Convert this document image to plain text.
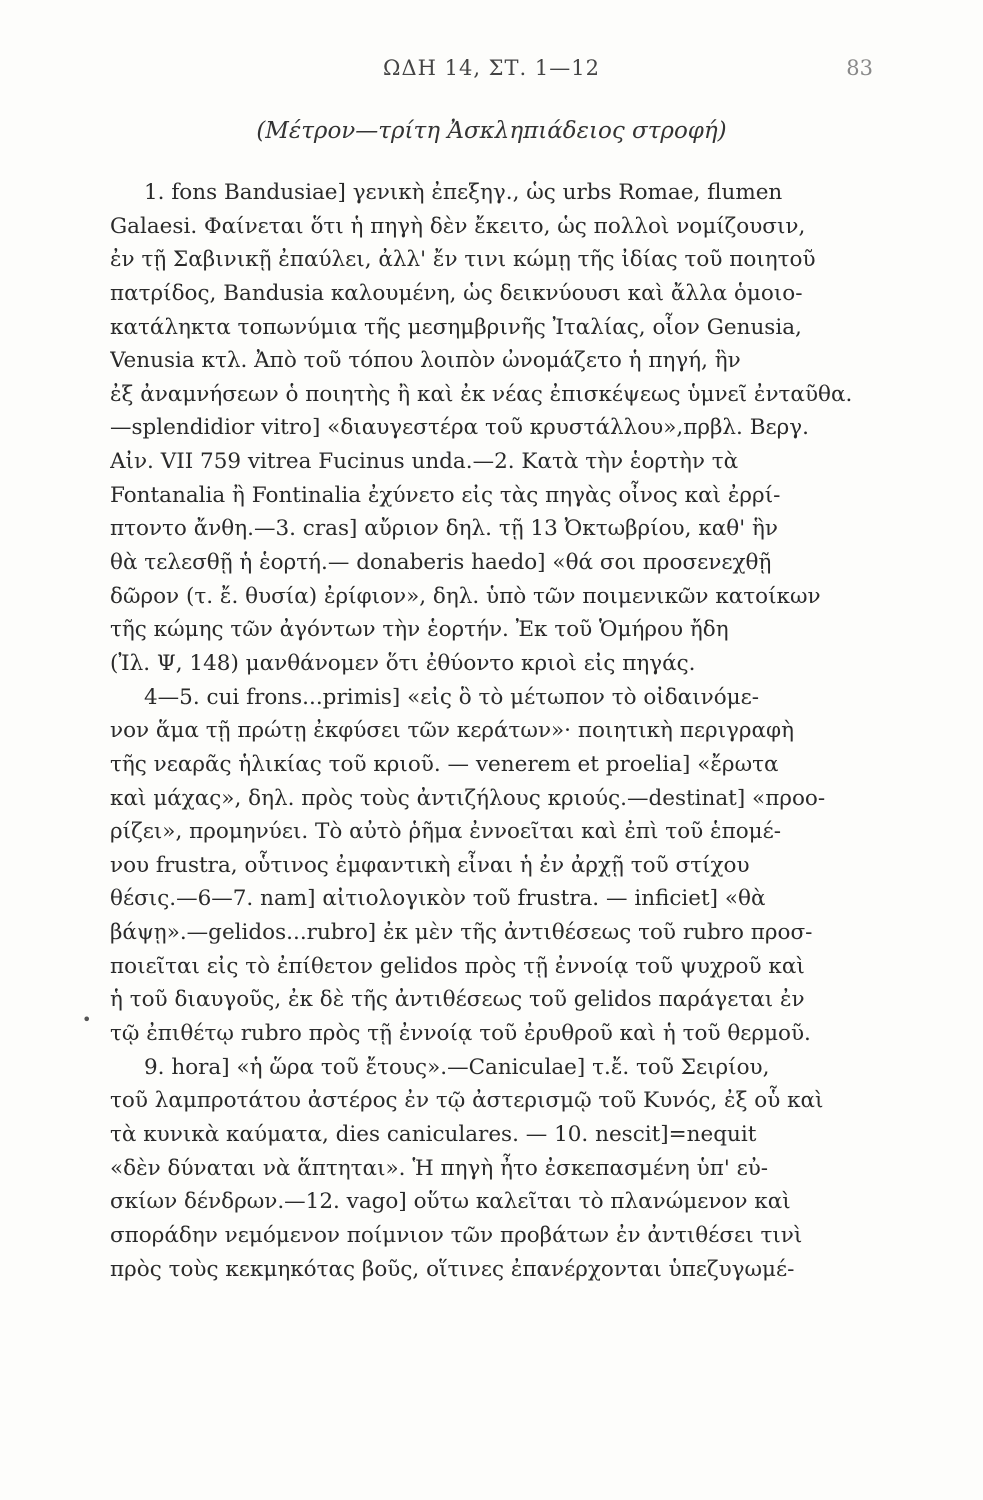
ΩΔΗ 14, ΣΤ. 1—12	83
(Μέτρον—τρίτη Ἀσκληπιάδειος στροφή)
1. fons Bandusiae] γενικὴ ἐπεξηγ., ὡς urbs Romae, flumen
Galaesi. Φαίνεται ὅτι ἡ πηγὴ δὲν ἔκειτο, ὡς πολλοὶ νομίζουσιν,
ἐν τῇ Σαβινικῇ ἐπαύλει, ἀλλ' ἔν τινι κώμῃ τῆς ἰδίας τοῦ ποιητοῦ
πατρίδος, Bandusia καλουμένη, ὡς δεικνύουσι καὶ ἄλλα ὁμοιο-
κατάληκτα τοπωνύμια τῆς μεσημβρινῆς Ἰταλίας, οἷον Genusia,
Venusia κτλ. Ἀπὸ τοῦ τόπου λοιπὸν ὠνομάζετο ἡ πηγή, ἣν
ἐξ ἀναμνήσεων ὁ ποιητὴς ἢ καὶ ἐκ νέας ἐπισκέψεως ὑμνεῖ ἐνταῦθα.
—splendidior vitro] «διαυγεστέρα τοῦ κρυστάλλου»,πρβλ. Βεργ.
Αἰν. VII 759 vitrea Fucinus unda.—2. Κατὰ τὴν ἑορτὴν τὰ
Fontanalia ἢ Fontinalia ἐχύνετο εἰς τὰς πηγὰς οἶνος καὶ ἐρρί-
πτοντο ἄνθη.—3. cras] αὔριον δηλ. τῇ 13 Ὀκτωβρίου, καθ' ἣν
θὰ τελεσθῇ ἡ ἑορτή.— donaberis haedo] «θά σοι προσενεχθῇ
δῶρον (τ. ἔ. θυσία) ἐρίφιον», δηλ. ὑπὸ τῶν ποιμενικῶν κατοίκων
τῆς κώμης τῶν ἀγόντων τὴν ἑορτήν. Ἐκ τοῦ Ὁμήρου ἤδη
(Ἰλ. Ψ, 148) μανθάνομεν ὅτι ἐθύοντο κριοὶ εἰς πηγάς.
4—5. cui frons...primis] «εἰς ὃ τὸ μέτωπον τὸ οἰδαινόμε-
νον ἅμα τῇ πρώτῃ ἐκφύσει τῶν κεράτων»· ποιητικὴ περιγραφὴ
τῆς νεαρᾶς ἡλικίας τοῦ κριοῦ. — venerem et proelia] «ἔρωτα
καὶ μάχας», δηλ. πρὸς τοὺς ἀντιζήλους κριούς.—destinat] «προο-
ρίζει», προμηνύει. Τὸ αὐτὸ ῥῆμα ἐννοεῖται καὶ ἐπὶ τοῦ ἑπομέ-
νου frustra, οὗτινος ἐμφαντικὴ εἶναι ἡ ἐν ἀρχῇ τοῦ στίχου
θέσις.—6—7. nam] αἰτιολογικὸν τοῦ frustra. — inficiet] «θὰ
βάψῃ».—gelidos...rubro] ἐκ μὲν τῆς ἀντιθέσεως τοῦ rubro προσ-
ποιεῖται εἰς τὸ ἐπίθετον gelidos πρὸς τῇ ἐννοίᾳ τοῦ ψυχροῦ καὶ
ἡ τοῦ διαυγοῦς, ἐκ δὲ τῆς ἀντιθέσεως τοῦ gelidos παράγεται ἐν
τῷ ἐπιθέτῳ rubro πρὸς τῇ ἐννοίᾳ τοῦ ἐρυθροῦ καὶ ἡ τοῦ θερμοῦ.
9. hora] «ἡ ὥρα τοῦ ἔτους».—Caniculae] τ.ἔ. τοῦ Σειρίου,
τοῦ λαμπροτάτου ἀστέρος ἐν τῷ ἀστερισμῷ τοῦ Κυνός, ἐξ οὗ καὶ
τὰ κυνικὰ καύματα, dies caniculares. — 10. nescit]=nequit
«δὲν δύναται νὰ ἅπτηται». Ἡ πηγὴ ἦτο ἐσκεπασμένη ὑπ' εὐ-
σκίων δένδρων.—12. vago] οὕτω καλεῖται τὸ πλανώμενον καὶ
σποράδην νεμόμενον ποίμνιον τῶν προβάτων ἐν ἀντιθέσει τινὶ
πρὸς τοὺς κεκμηκότας βοῦς, οἵτινες ἐπανέρχονται ὑπεζυγωμέ-
•
